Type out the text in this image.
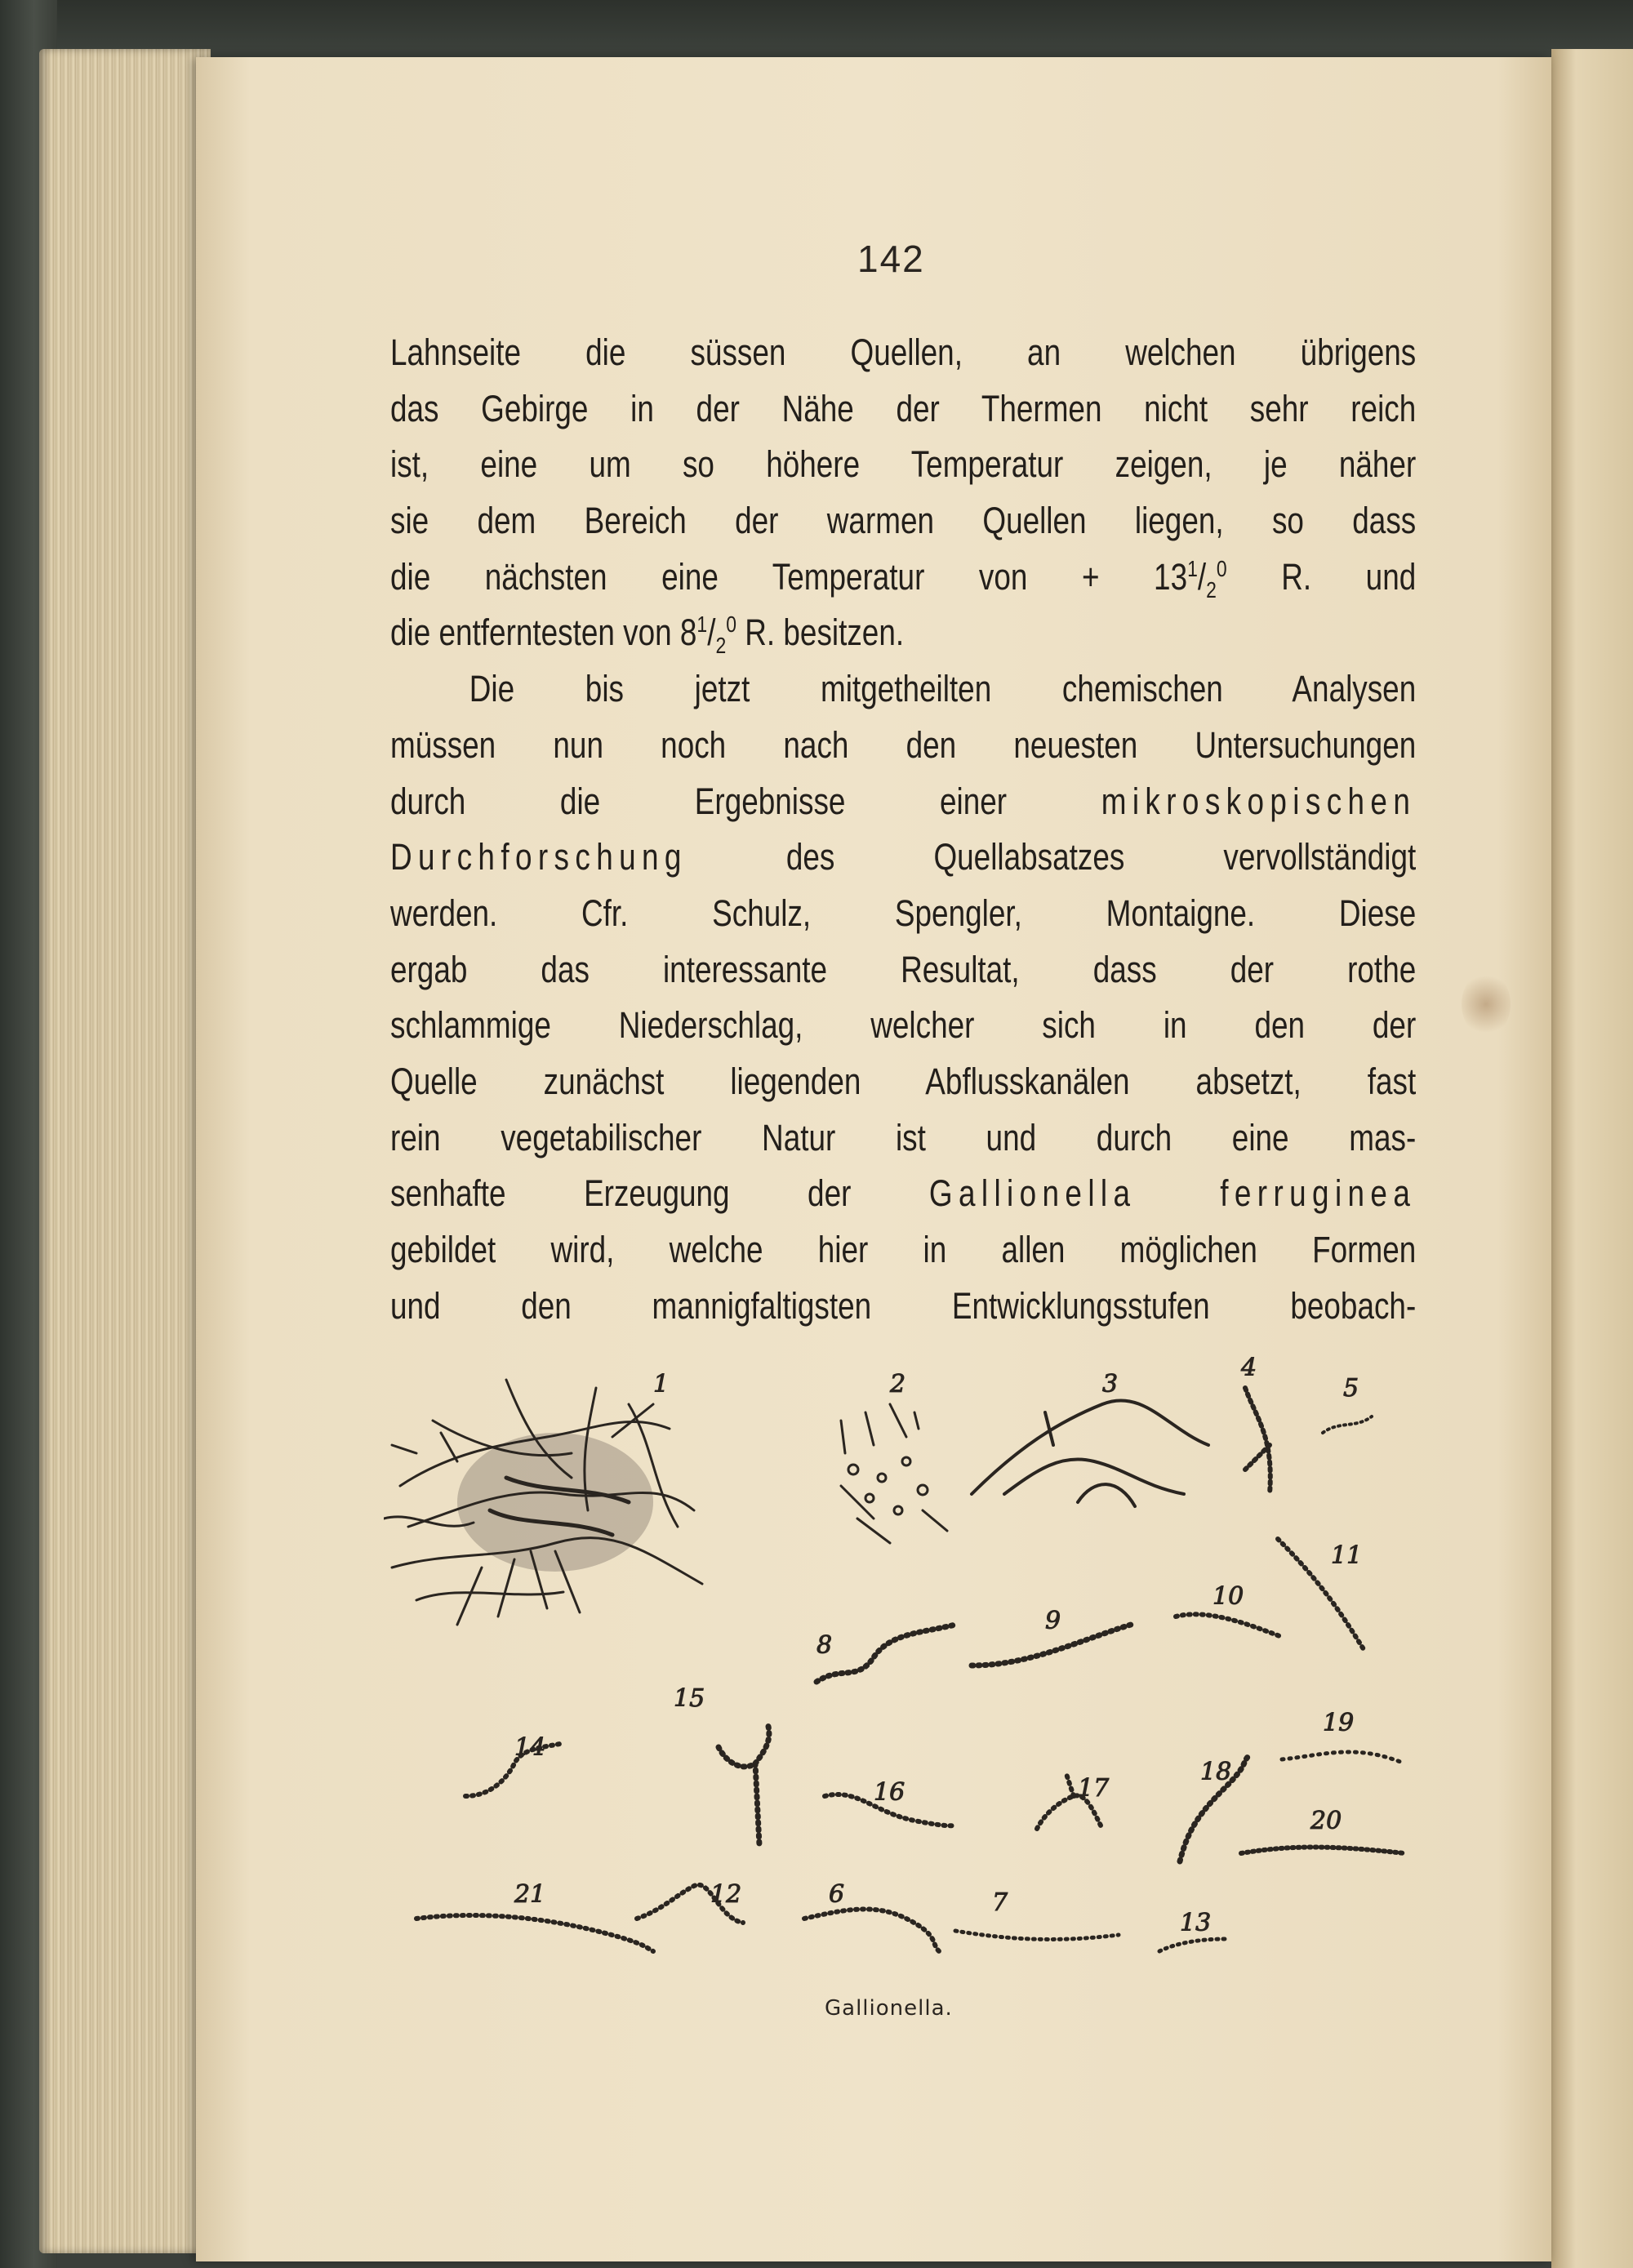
142
Lahnseite die süssen Quellen, an welchen übrigens
das Gebirge in der Nähe der Thermen nicht sehr reich
ist, eine um so höhere Temperatur zeigen, je näher
sie dem Bereich der warmen Quellen liegen, so dass
die nächsten eine Temperatur von + $13^1/_2^0$ R. und
die entferntesten von $8^1/_2^0$ R. besitzen.
Die bis jetzt mitgetheilten chemischen Analysen
müssen nun noch nach den neuesten Untersuchungen
durch die Ergebnisse einer mikroskopischen
Durchforschung des Quellabsatzes vervollständigt
werden. Cfr. Schulz, Spengler, Montaigne. Diese
ergab das interessante Resultat, dass der rothe
schlammige Niederschlag, welcher sich in den der
Quelle zunächst liegenden Abflusskanälen absetzt, fast
rein vegetabilischer Natur ist und durch eine mas-
senhafte Erzeugung der Gallionella ferruginea
gebildet wird, welche hier in allen möglichen Formen
und den mannigfaltigsten Entwicklungsstufen beobach-
1	2	3
4
5
6	7
8
9
10
11
12
13
14
15
16	17
18
19
20
21
Gallionella.
